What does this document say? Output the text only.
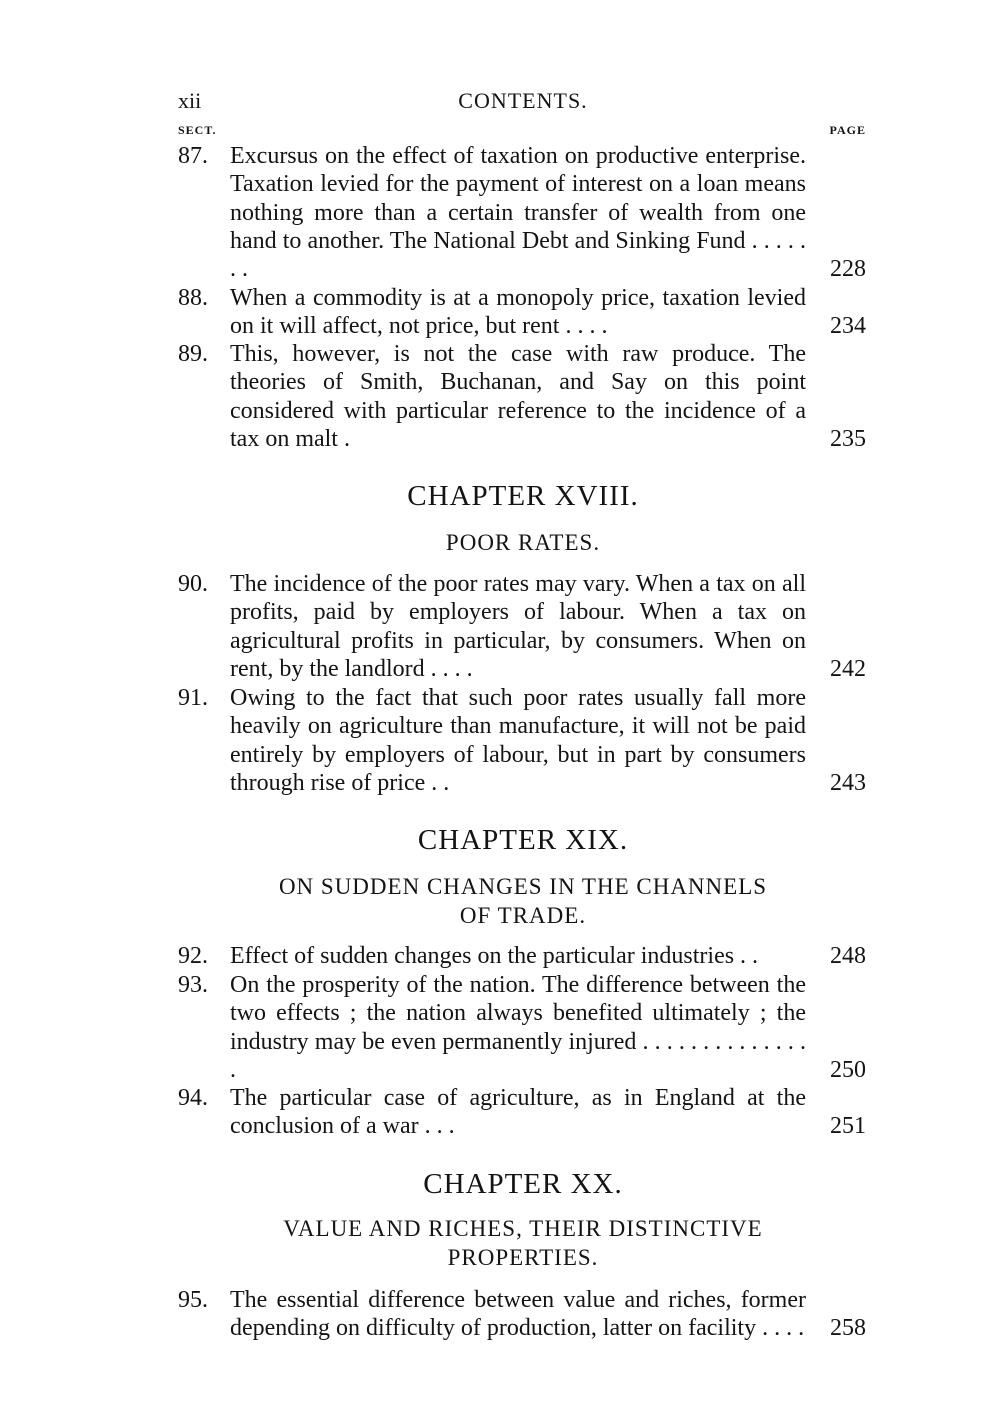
xii	CONTENTS.
SECT.	PAGE
87. Excursus on the effect of taxation on productive enterprise. Taxation levied for the payment of interest on a loan means nothing more than a certain transfer of wealth from one hand to another. The National Debt and Sinking Fund . . . . . . .	228
88. When a commodity is at a monopoly price, taxation levied on it will affect, not price, but rent . . . .	234
89. This, however, is not the case with raw produce. The theories of Smith, Buchanan, and Say on this point considered with particular reference to the incidence of a tax on malt .	235
CHAPTER XVIII.
POOR RATES.
90. The incidence of the poor rates may vary. When a tax on all profits, paid by employers of labour. When a tax on agricultural profits in particular, by consumers. When on rent, by the landlord . . . .	242
91. Owing to the fact that such poor rates usually fall more heavily on agriculture than manufacture, it will not be paid entirely by employers of labour, but in part by consumers through rise of price . .	243
CHAPTER XIX.
ON SUDDEN CHANGES IN THE CHANNELS
OF TRADE.
92. Effect of sudden changes on the particular industries . .	248
93. On the prosperity of the nation. The difference between the two effects ; the nation always benefited ultimately ; the industry may be even permanently injured . . . . . . . . . . . . . . .	250
94. The particular case of agriculture, as in England at the conclusion of a war . . .	251
CHAPTER XX.
VALUE AND RICHES, THEIR DISTINCTIVE
PROPERTIES.
95. The essential difference between value and riches, former depending on difficulty of production, latter on facility . . . . 258
